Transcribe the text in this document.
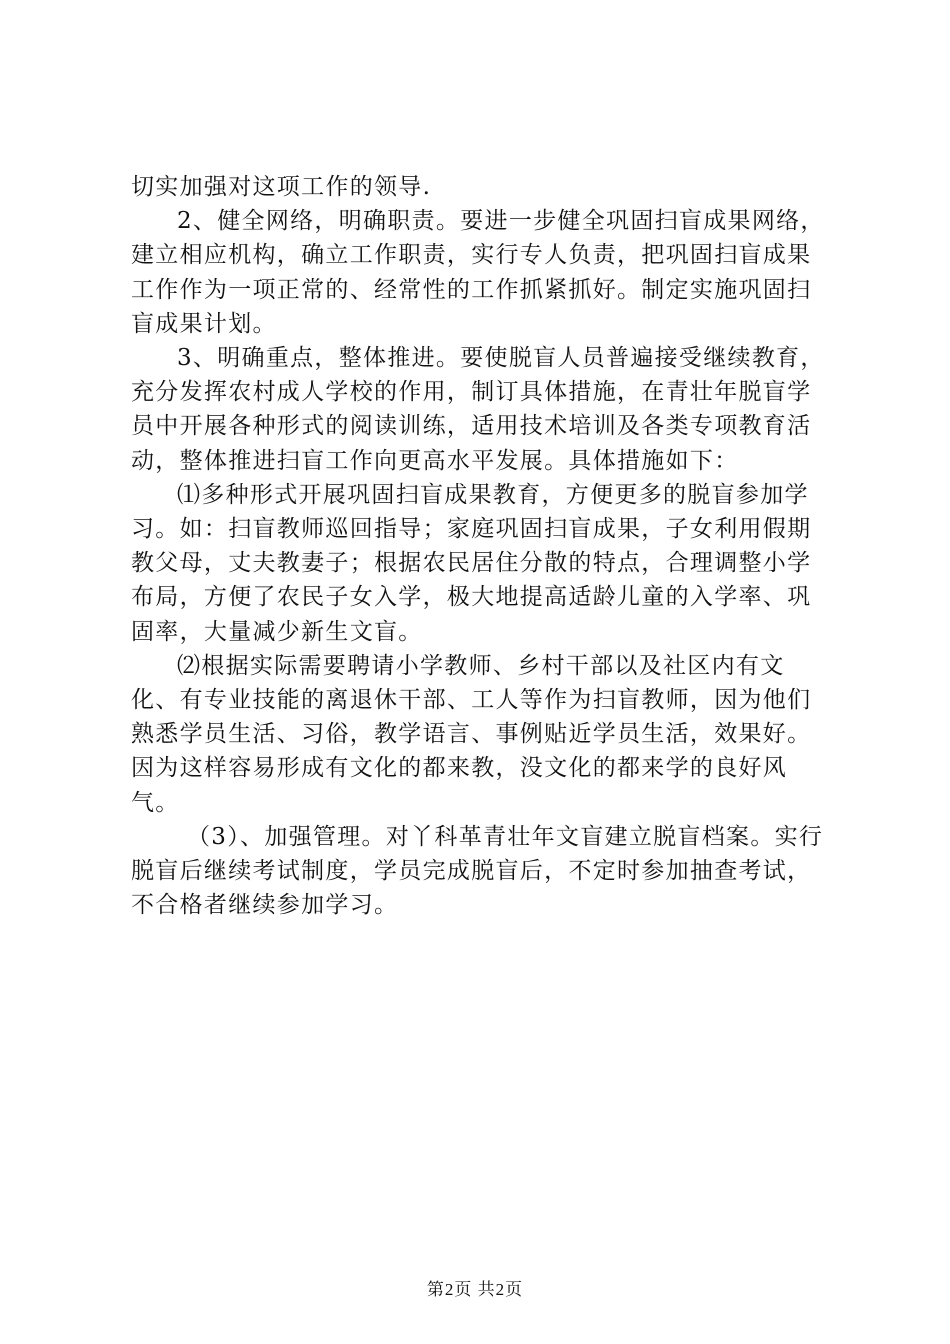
切实加强对这项工作的领导.

2、健全网络，明确职责。要进一步健全巩固扫盲成果网络，建立相应机构，确立工作职责，实行专人负责，把巩固扫盲成果工作作为一项正常的、经常性的工作抓紧抓好。制定实施巩固扫盲成果计划。

3、明确重点，整体推进。要使脱盲人员普遍接受继续教育，充分发挥农村成人学校的作用，制订具体措施，在青壮年脱盲学员中开展各种形式的阅读训练，适用技术培训及各类专项教育活动，整体推进扫盲工作向更高水平发展。具体措施如下：

⑴多种形式开展巩固扫盲成果教育，方便更多的脱盲参加学习。如：扫盲教师巡回指导；家庭巩固扫盲成果，子女利用假期教父母，丈夫教妻子；根据农民居住分散的特点，合理调整小学布局，方便了农民子女入学，极大地提高适龄儿童的入学率、巩固率，大量减少新生文盲。

⑵根据实际需要聘请小学教师、乡村干部以及社区内有文化、有专业技能的离退休干部、工人等作为扫盲教师，因为他们熟悉学员生活、习俗，教学语言、事例贴近学员生活，效果好。因为这样容易形成有文化的都来教，没文化的都来学的良好风气。

（3）、加强管理。对丫科革青壮年文盲建立脱盲档案。实行脱盲后继续考试制度，学员完成脱盲后，不定时参加抽查考试，不合格者继续参加学习。

第2页 共2页
